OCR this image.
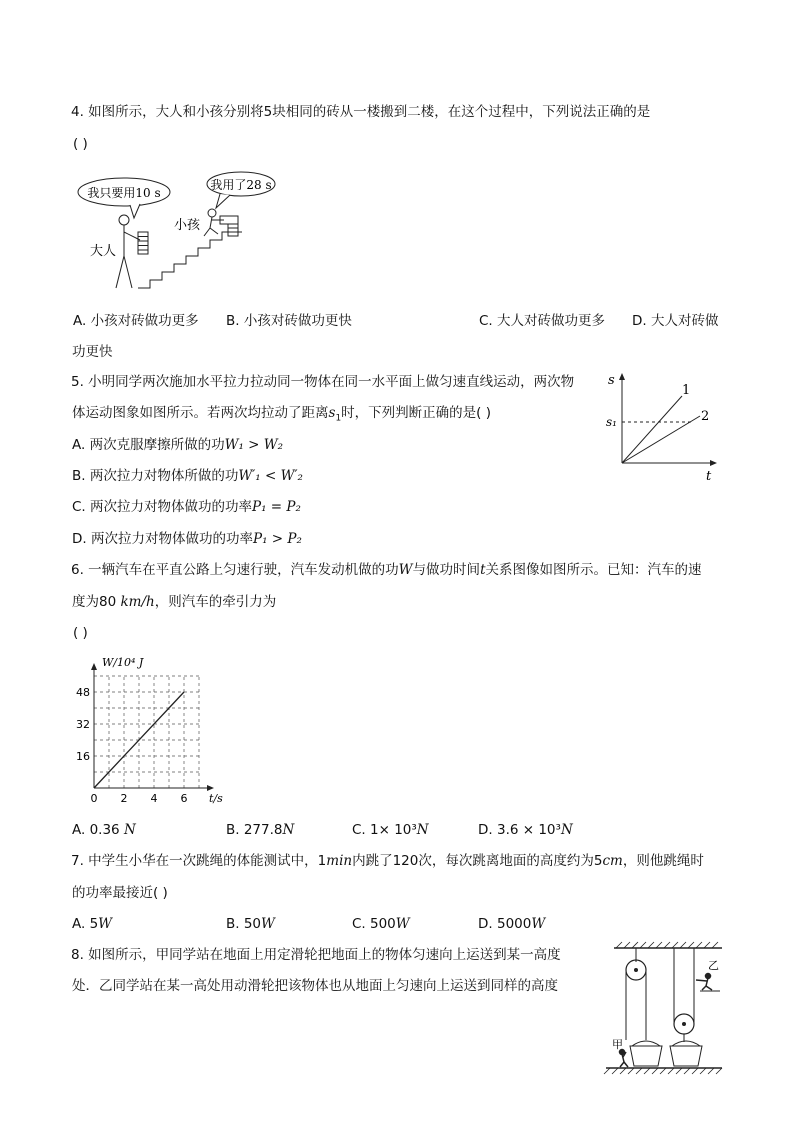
4. 如图所示，大人和小孩分别将5块相同的砖从一楼搬到二楼，在这个过程中，下列说法正确的是
( )
我只要用10 s
我用了28 s
大人
小孩
A. 小孩对砖做功更多 B. 小孩对砖做功更快	C. 大人对砖做功更多 D. 大人对砖做
功更快
5. 小明同学两次施加水平拉力拉动同一物体在同一水平面上做匀速直线运动，两次物
体运动图象如图所示。若两次均拉动了距离$s_1$时，下列判断正确的是( )
A. 两次克服摩擦所做的功W₁ > W₂
B. 两次拉力对物体所做的功W′₁ < W′₂
C. 两次拉力对物体做功的功率P₁ = P₂
D. 两次拉力对物体做功的功率P₁ > P₂
s
t
s₁
1
2
6. 一辆汽车在平直公路上匀速行驶，汽车发动机做的功W与做功时间t关系图像如图所示。已知：汽车的速
度为80 km/h，则汽车的牵引力为
( )
0 2 4 6
16
32
48
W/10⁴ J
t/s
A. 0.36 N	B. 277.8N	C. 1× 10³N	D. 3.6 × 10³N
7. 中学生小华在一次跳绳的体能测试中，1min内跳了120次，每次跳离地面的高度约为5cm，则他跳绳时
的功率最接近( )
A. 5W	B. 50W	C. 500W	D. 5000W
8. 如图所示，甲同学站在地面上用定滑轮把地面上的物体匀速向上运送到某一高度
处．乙同学站在某一高处用动滑轮把该物体也从地面上匀速向上运送到同样的高度
甲
乙
